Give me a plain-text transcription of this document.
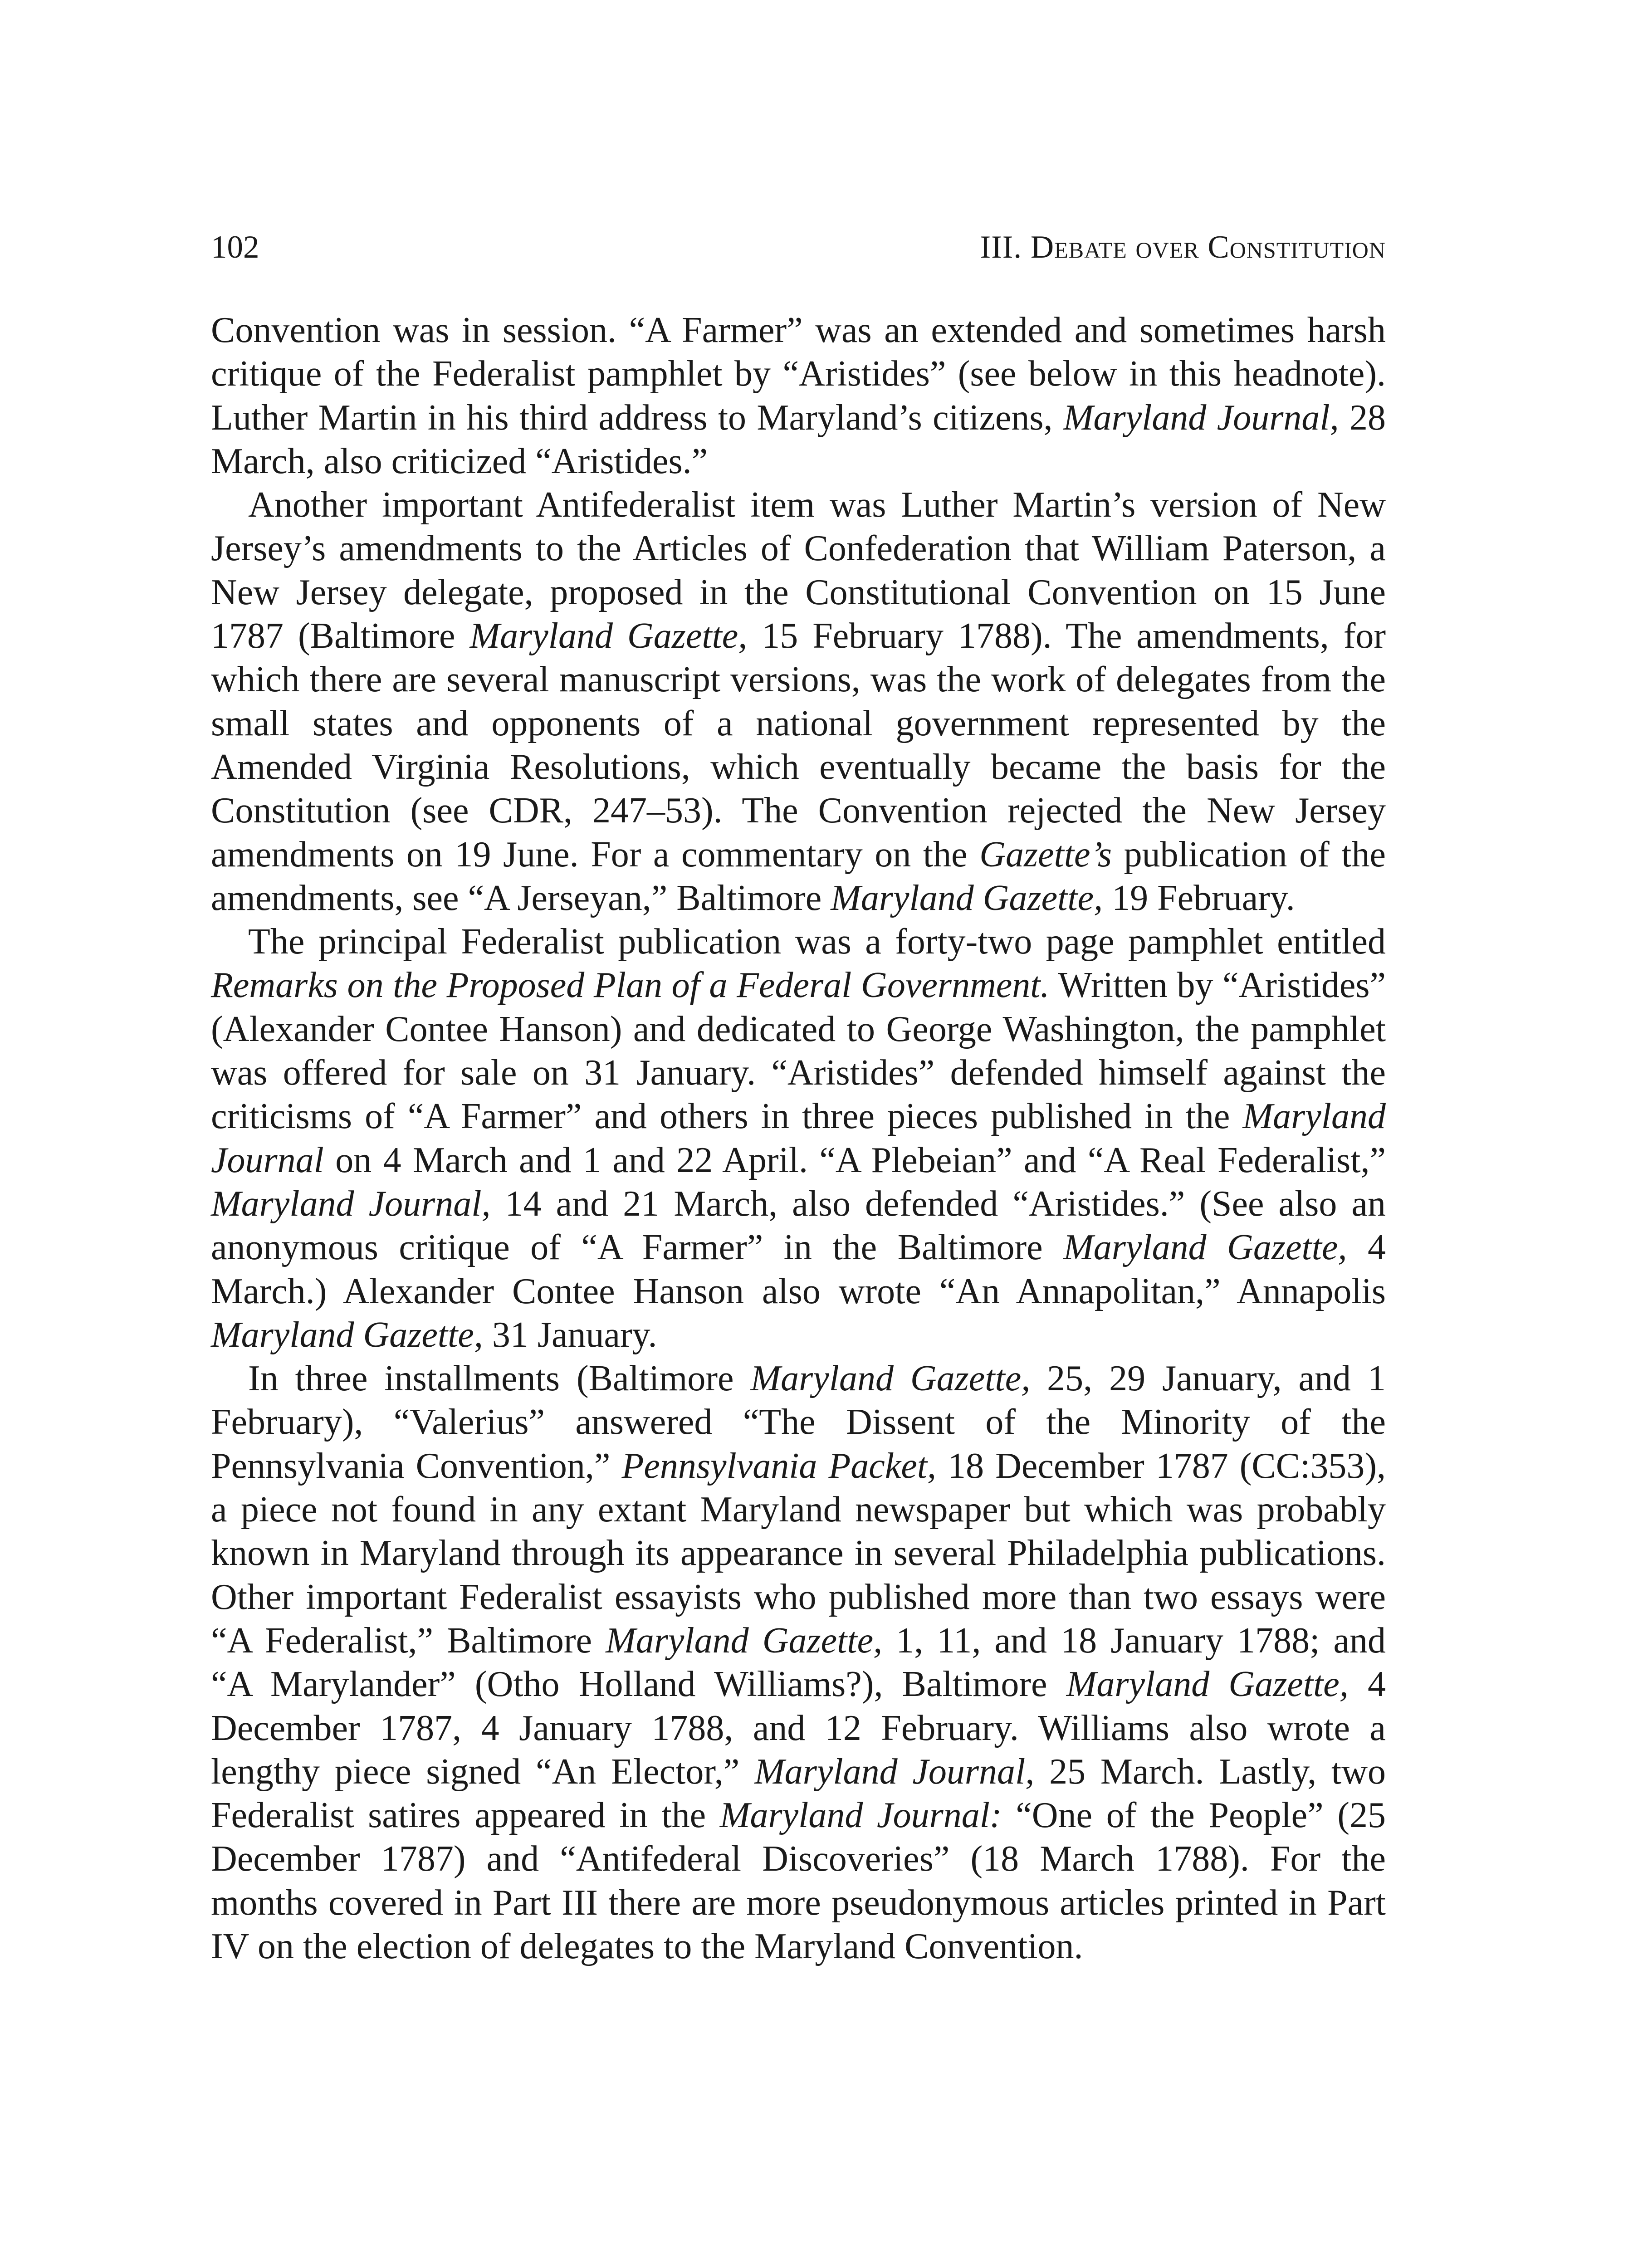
102	III. Debate over Constitution

Convention was in session. “A Farmer” was an extended and sometimes harsh critique of the Federalist pamphlet by “Aristides” (see below in this headnote). Luther Martin in his third address to Maryland’s citizens, Maryland Journal, 28 March, also criticized “Aristides.”

Another important Antifederalist item was Luther Martin’s version of New Jersey’s amendments to the Articles of Confederation that William Paterson, a New Jersey delegate, proposed in the Constitutional Convention on 15 June 1787 (Baltimore Maryland Gazette, 15 February 1788). The amendments, for which there are several manuscript versions, was the work of delegates from the small states and opponents of a national government represented by the Amended Virginia Resolutions, which eventually became the basis for the Constitution (see CDR, 247–53). The Convention rejected the New Jersey amendments on 19 June. For a commentary on the Gazette’s publication of the amendments, see “A Jerseyan,” Baltimore Maryland Gazette, 19 February.

The principal Federalist publication was a forty-two page pamphlet entitled Remarks on the Proposed Plan of a Federal Government. Written by “Aristides” (Alexander Contee Hanson) and dedicated to George Washington, the pamphlet was offered for sale on 31 January. “Aristides” defended himself against the criticisms of “A Farmer” and others in three pieces published in the Maryland Journal on 4 March and 1 and 22 April. “A Plebeian” and “A Real Federalist,” Maryland Journal, 14 and 21 March, also defended “Aristides.” (See also an anonymous critique of “A Farmer” in the Baltimore Maryland Gazette, 4 March.) Alexander Contee Hanson also wrote “An Annapolitan,” Annapolis Maryland Gazette, 31 January.

In three installments (Baltimore Maryland Gazette, 25, 29 January, and 1 February), “Valerius” answered “The Dissent of the Minority of the Pennsylvania Convention,” Pennsylvania Packet, 18 December 1787 (CC:353), a piece not found in any extant Maryland newspaper but which was probably known in Maryland through its appearance in several Philadelphia publications. Other important Federalist essayists who published more than two essays were “A Federalist,” Baltimore Maryland Gazette, 1, 11, and 18 January 1788; and “A Marylander” (Otho Holland Williams?), Baltimore Maryland Gazette, 4 December 1787, 4 January 1788, and 12 February. Williams also wrote a lengthy piece signed “An Elector,” Maryland Journal, 25 March. Lastly, two Federalist satires appeared in the Maryland Journal: “One of the People” (25 December 1787) and “Antifederal Discoveries” (18 March 1788). For the months covered in Part III there are more pseudonymous articles printed in Part IV on the election of delegates to the Maryland Convention.
